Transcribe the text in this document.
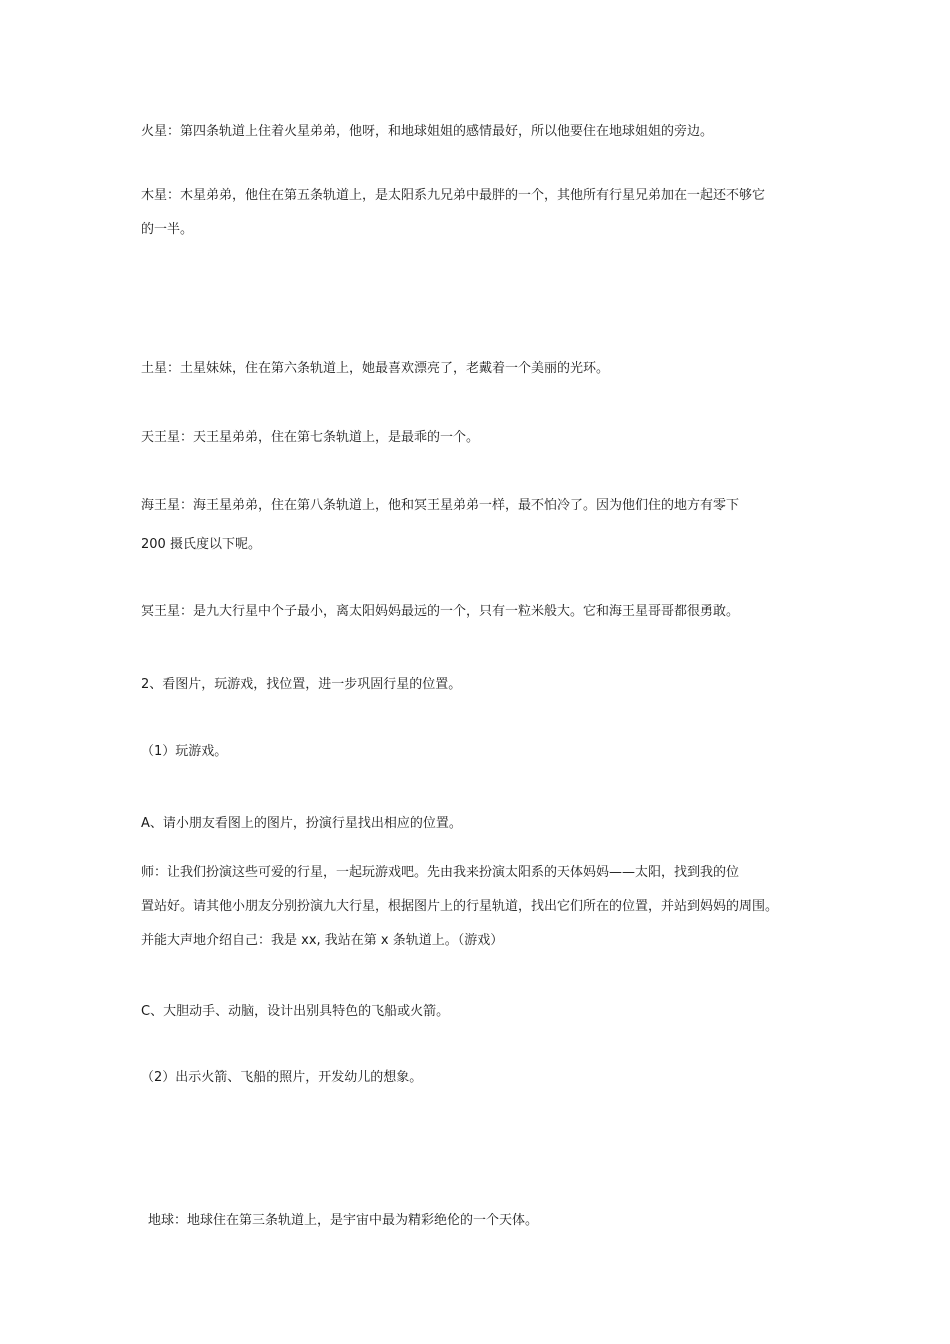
火星：第四条轨道上住着火星弟弟，他呀，和地球姐姐的感情最好，所以他要住在地球姐姐的旁边。
木星：木星弟弟，他住在第五条轨道上，是太阳系九兄弟中最胖的一个，其他所有行星兄弟加在一起还不够它
的一半。
土星：土星妹妹，住在第六条轨道上，她最喜欢漂亮了，老戴着一个美丽的光环。
天王星：天王星弟弟，住在第七条轨道上，是最乖的一个。
海王星：海王星弟弟，住在第八条轨道上，他和冥王星弟弟一样，最不怕冷了。因为他们住的地方有零下
200 摄氏度以下呢。
冥王星：是九大行星中个子最小，离太阳妈妈最远的一个，只有一粒米般大。它和海王星哥哥都很勇敢。
2、看图片，玩游戏，找位置，进一步巩固行星的位置。
（1）玩游戏。
A、请小朋友看图上的图片，扮演行星找出相应的位置。
师：让我们扮演这些可爱的行星，一起玩游戏吧。先由我来扮演太阳系的天体妈妈——太阳，找到我的位
置站好。请其他小朋友分别扮演九大行星，根据图片上的行星轨道，找出它们所在的位置，并站到妈妈的周围。
并能大声地介绍自己：我是 xx, 我站在第 x 条轨道上。（游戏）
C、大胆动手、动脑，设计出别具特色的飞船或火箭。
（2）出示火箭、飞船的照片，开发幼儿的想象。
地球：地球住在第三条轨道上，是宇宙中最为精彩绝伦的一个天体。
